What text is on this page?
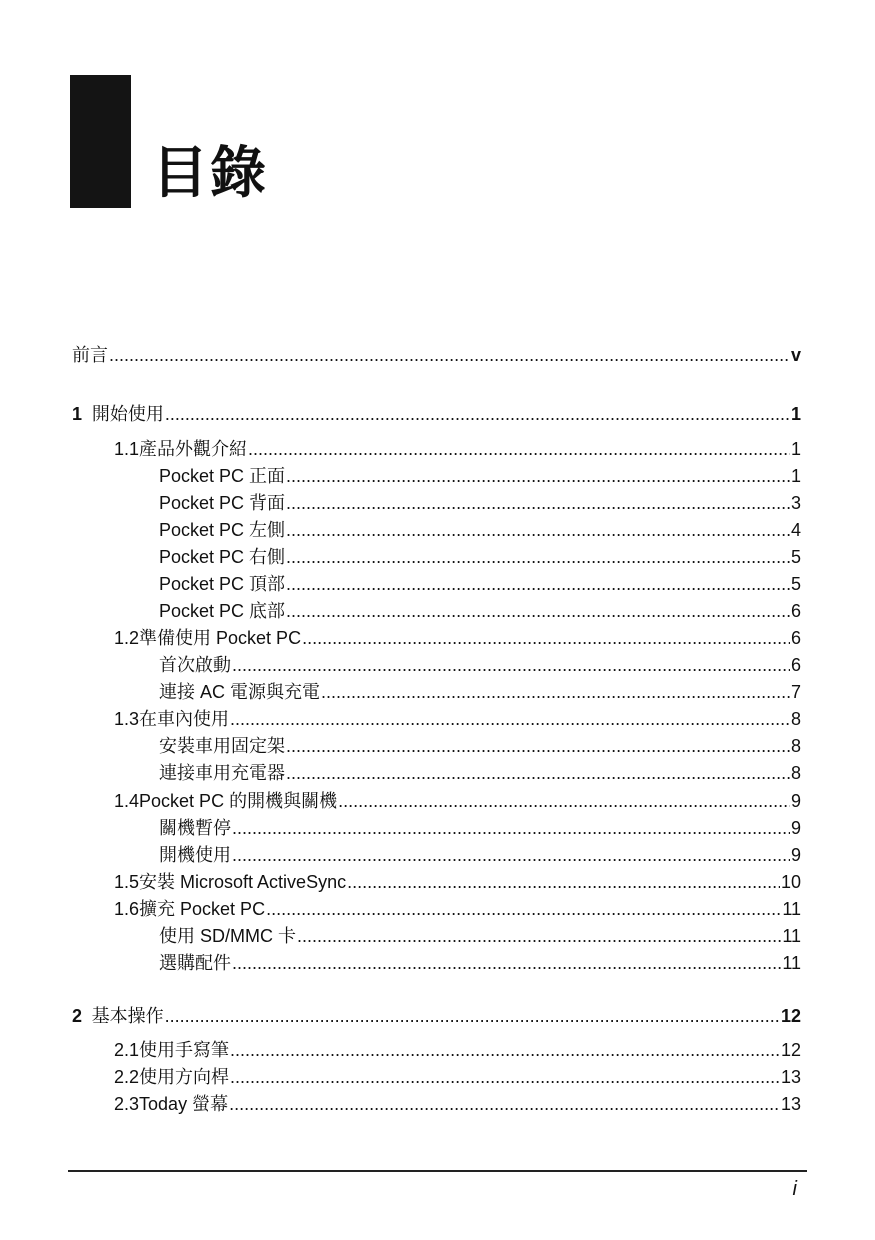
目錄
前言 .....	v
1 開始使用 .....	1
1.1 產品外觀介紹 .....	1
Pocket PC 正面 .....	1
Pocket PC 背面 .....	3
Pocket PC 左側 .....	4
Pocket PC 右側 .....	5
Pocket PC 頂部 .....	5
Pocket PC 底部 .....	6
1.2 準備使用 Pocket PC .....	6
首次啟動 .....	6
連接 AC 電源與充電 .....	7
1.3 在車內使用 .....	8
安裝車用固定架 .....	8
連接車用充電器 .....	8
1.4 Pocket PC 的開機與關機 .....	9
關機暫停 .....	9
開機使用 .....	9
1.5 安裝 Microsoft ActiveSync .....	10
1.6 擴充 Pocket PC .....	11
使用 SD/MMC 卡 .....	11
選購配件 .....	11
2 基本操作 .....	12
2.1 使用手寫筆 .....	12
2.2 使用方向桿 .....	13
2.3 Today 螢幕 .....	13
i
